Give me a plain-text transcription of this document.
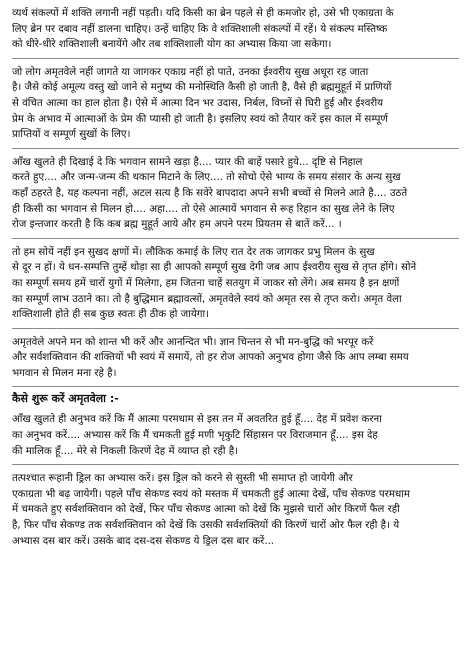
व्यर्थ संकल्पों में शक्ति लगानी नहीं पड़ती। यदि किसी का ब्रेन पहले से ही कमजोर हो, उसे भी एकाग्रता के

लिए ब्रेन पर दबाव नहीं डालना चाहिए। उन्हें चाहिए कि वे शक्तिशाली संकल्पों में रहें। ये संकल्प मस्तिष्क

को धीरे-धीरे शक्तिशाली बनायेंगे और तब शक्तिशाली योग का अभ्यास किया जा सकेगा।

जो लोग अमृतवेले नहीं जागते या जागकर एकाग्र नहीं हो पाते, उनका ईश्वरीय सुख अधूरा रह जाता

है। जैसे कोई अमूल्य वस्तु खो जाने से मनुष्य की मनोस्थिति कैसी हो जाती है, वैसे ही ब्रह्ममुहूर्त में प्राणियों

से वंचित आत्मा का हाल होता है। ऐसे में आत्मा दिन भर उदास, निर्बल, विघ्नों से घिरी हुई और ईश्वरीय

प्रेम के अभाव में आत्माओं के प्रेम की प्यासी हो जाती है। इसलिए स्वयं को तैयार करें इस काल में सम्पूर्ण

प्राप्तियों व सम्पूर्ण सुखों के लिए।

आँख खुलते ही दिखाई दे कि भगवान सामने खड़ा है.... प्यार की बाहें पसारे हुये... दृष्टि से निहाल

करते हुए.... और जन्म-जन्म की थकान मिटाने के लिए.... तो सोचो ऐसे भाग्य के समय संसार के अन्य सुख

कहाँ ठहरते है, यह कल्पना नहीं, अटल सत्य है कि सवेरे बापदादा अपने सभी बच्चों से मिलने आते है.... उठते

ही किसी का भगवान से मिलन हो.... अहा.... तो ऐसे आत्मायें भगवान से रूह रिहान का सुख लेने के लिए

रोज इन्तजार करती है कि कब ब्रह्म मुहूर्त आये और हम अपने परम प्रियतम से बातें करें... ।

तो हम सोयें नहीं इन सुखद क्षणों में। लौकिक कमाई के लिए रात देर तक जागकर प्रभु मिलन के सुख

से दूर न हों। ये धन-सम्पत्ति तुम्हें थोड़ा सा ही आपको सम्पूर्ण सुख देगी जब आप ईश्वरीय सुख से तृप्त होंगे। सोने

का सम्पूर्ण समय हमें चारों युगों में मिलेगा, हम जितना चाहें सतयुग में जाकर सो लेंगे। अब समय है इन क्षणों

का सम्पूर्ण लाभ उठाने का। तो है बुद्धिमान ब्रह्मावत्सों, अमृतवेले स्वयं को अमृत रस से तृप्त करो। अमृत वेला

शक्तिशाली होते ही सब कुछ स्वतः ही ठीक हो जायेगा।

अमृतवेले अपने मन को शान्त भी करें और आनन्दित भी। ज्ञान चिन्तन से भी मन-बुद्धि को भरपूर करें

और सर्वशक्तिवान की शक्तियों भी स्वयं में समायें, तो हर रोज आपको अनुभव होगा जैसे कि आप लम्बा समय

भगवान से मिलन मना रहे है।

कैसे शुरू करें अमृतवेला :-

आँख खुलते ही अनुभव करें कि मैं आत्मा परमधाम से इस तन में अवतरित हुई हूँ.... देह में प्रवेश करना

का अनुभव करें.... अभ्यास करें कि मैं चमकती हुई मणी भृकुटि सिंहासन पर विराजमान हूँ.... इस देह

की मालिक हूँ.... मेरे से निकली किरणें देह में व्याप्त हो रही है।

तत्पश्चात रूहानी ड्रिल का अभ्यास करें। इस ड्रिल को करने से सुस्ती भी समाप्त हो जायेगी और

एकाग्रता भी बढ़ जायेगी। पहले पाँच सेकण्ड स्वयं को मस्तक में चमकती हुई आत्मा देखें, पाँच सेकण्ड परमधाम

में चमकते हुए सर्वशक्तिवान को देखें, फिर पाँच सेकण्ड आत्मा को देखें कि मुझसे चारों ओर किरणें फैल रही

है, फिर पाँच सेकण्ड तक सर्वशक्तिवान को देखें कि उसकी सर्वशक्तियों की किरणें चारों ओर फैल रही है। ये

अभ्यास दस बार करें। उसके बाद दस-दस सेकण्ड ये ड्रिल दस बार करें...
